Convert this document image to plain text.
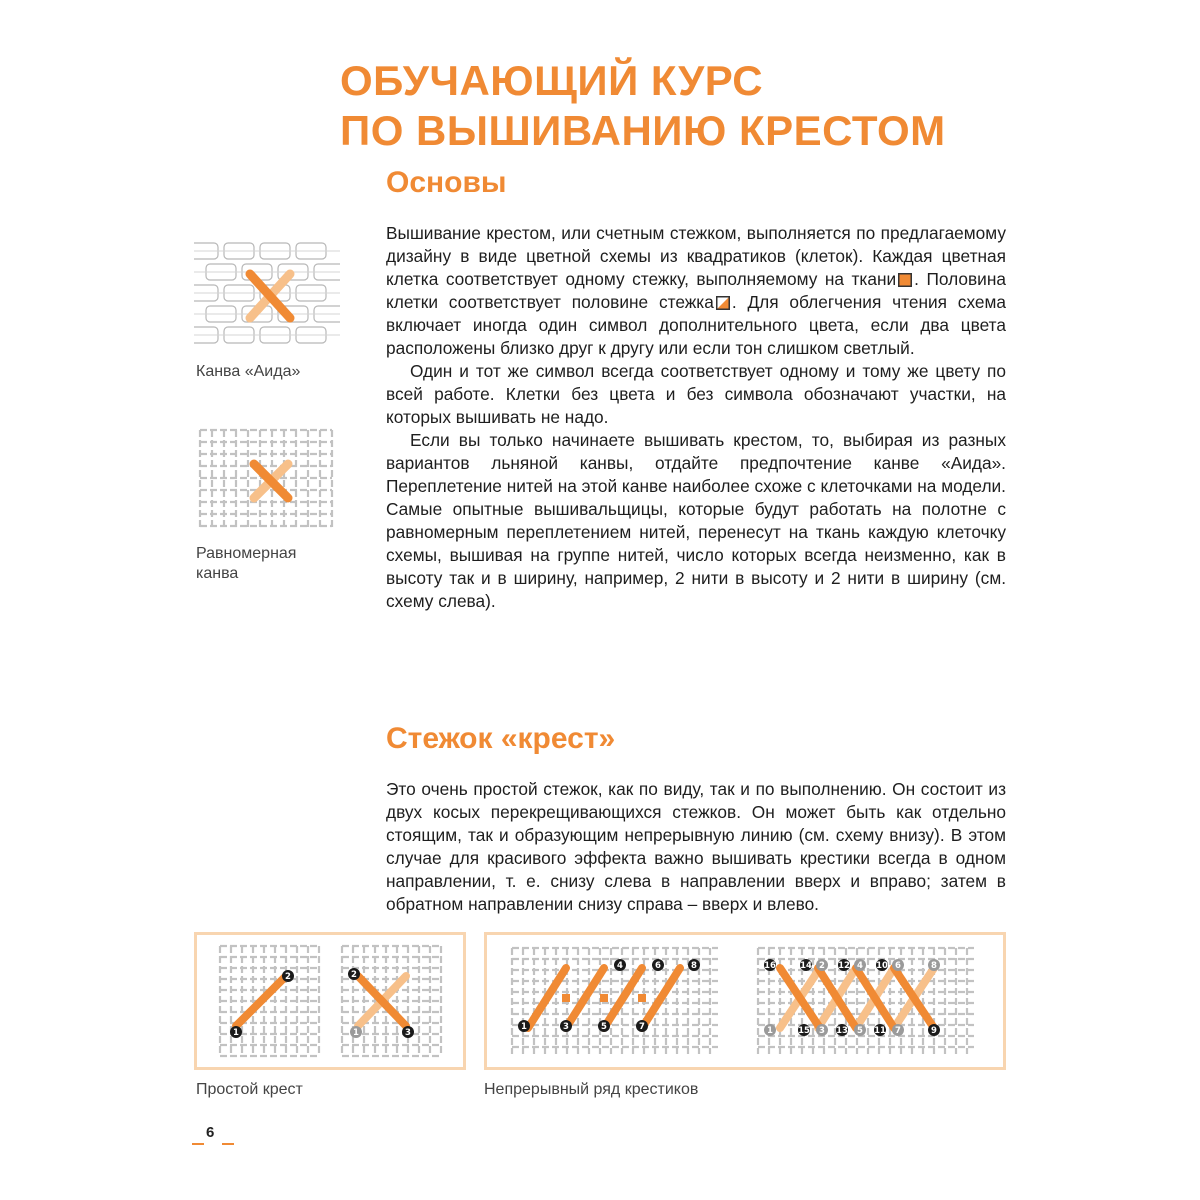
ОБУЧАЮЩИЙ КУРС
ПО ВЫШИВАНИЮ КРЕСТОМ
Основы

Вышивание крестом, или счетным стежком, выполняется по предлагаемому дизайну в виде цветной схемы из квадратиков (клеток). Каждая цветная клетка соответствует одному стежку, выполняемому на ткани . Половина клетки соответствует половине стежка . Для облегчения чтения схема включает иногда один символ дополнительного цвета, если два цвета расположены близко друг к другу или если тон слишком светлый.

Один и тот же символ всегда соответствует одному и тому же цвету по всей работе. Клетки без цвета и без символа обозначают участки, на которых вышивать не надо.

Если вы только начинаете вышивать крестом, то, выбирая из разных вариантов льняной канвы, отдайте предпочтение канве «Аида». Переплетение нитей на этой канве наиболее схоже с клеточками на модели. Самые опытные вышивальщицы, которые будут работать на полотне с равномерным переплетением нитей, перенесут на ткань каждую клеточку схемы, вышивая на группе нитей, число которых всегда неизменно, как в высоту так и в ширину, например, 2 нити в высоту и 2 нити в ширину (см. схему слева).

Канва «Аида»

Равномерная канва

Стежок «крест»

Это очень простой стежок, как по виду, так и по выполнению. Он состоит из двух косых перекрещивающихся стежков. Он может быть как отдельно стоящим, так и образующим непрерывную линию (см. схему внизу). В этом случае для красивого эффекта важно вышивать крестики всегда в одном направлении, т. е. снизу слева в направлении вверх и вправо; затем в обратном направлении снизу справа – вверх и влево.

1
2
1
2
3

Простой крест

1	3	5	7
4	6	8	16	14	12	10
15	13	11	9
2	4	6	8
1	3	5	7

Непрерывный ряд крестиков

6
